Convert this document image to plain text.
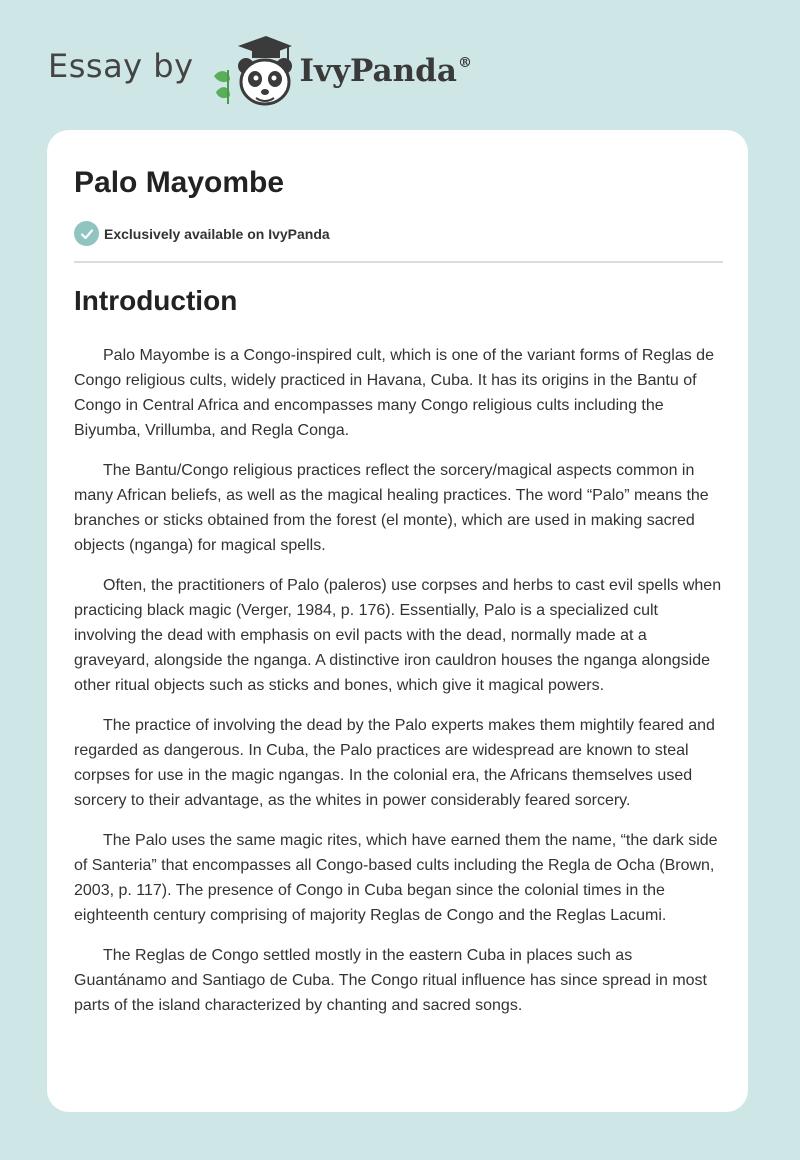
Essay by	IvyPanda®
Palo Mayombe
Exclusively available on IvyPanda
Introduction

Palo Mayombe is a Congo-inspired cult, which is one of the variant forms of Reglas de Congo religious cults, widely practiced in Havana, Cuba. It has its origins in the Bantu of Congo in Central Africa and encompasses many Congo religious cults including the Biyumba, Vrillumba, and Regla Conga.

The Bantu/Congo religious practices reflect the sorcery/magical aspects common in many African beliefs, as well as the magical healing practices. The word “Palo” means the branches or sticks obtained from the forest (el monte), which are used in making sacred objects (nganga) for magical spells.

Often, the practitioners of Palo (paleros) use corpses and herbs to cast evil spells when practicing black magic (Verger, 1984, p. 176). Essentially, Palo is a specialized cult involving the dead with emphasis on evil pacts with the dead, normally made at a graveyard, alongside the nganga. A distinctive iron cauldron houses the nganga alongside other ritual objects such as sticks and bones, which give it magical powers.

The practice of involving the dead by the Palo experts makes them mightily feared and regarded as dangerous. In Cuba, the Palo practices are widespread are known to steal corpses for use in the magic ngangas. In the colonial era, the Africans themselves used sorcery to their advantage, as the whites in power considerably feared sorcery.

The Palo uses the same magic rites, which have earned them the name, “the dark side of Santeria” that encompasses all Congo-based cults including the Regla de Ocha (Brown, 2003, p. 117). The presence of Congo in Cuba began since the colonial times in the eighteenth century comprising of majority Reglas de Congo and the Reglas Lacumi.

The Reglas de Congo settled mostly in the eastern Cuba in places such as Guantánamo and Santiago de Cuba. The Congo ritual influence has since spread in most parts of the island characterized by chanting and sacred songs.
